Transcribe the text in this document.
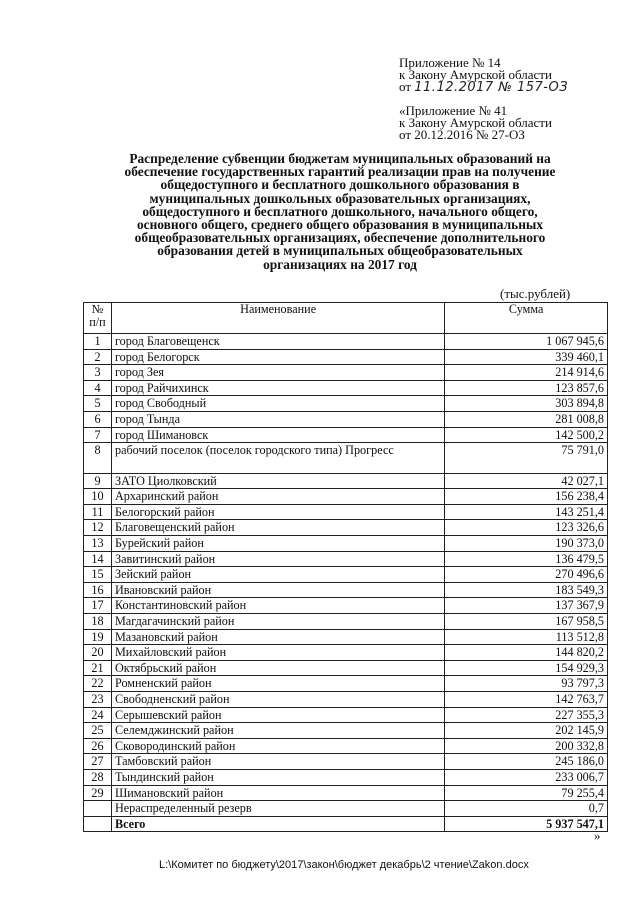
Приложение № 14
к Закону Амурской области
от 11.12.2017 № 157-ОЗ
«Приложение № 41
к Закону Амурской области
от 20.12.2016 № 27-ОЗ
Распределение субвенции бюджетам муниципальных образований на
обеспечение государственных гарантий реализации прав на получение
общедоступного и бесплатного дошкольного образования в
муниципальных дошкольных образовательных организациях,
общедоступного и бесплатного дошкольного, начального общего,
основного общего, среднего общего образования в муниципальных
общеобразовательных организациях, обеспечение дополнительного
образования детей в муниципальных общеобразовательных
организациях на 2017 год
(тыс.рублей)
№
п/п	Наименование	Сумма
1	город Благовещенск	1 067 945,6
2	город Белогорск	339 460,1
3	город Зея	214 914,6
4	город Райчихинск	123 857,6
5	город Свободный	303 894,8
6	город Тында	281 008,8
7	город Шимановск	142 500,2
8	рабочий поселок (поселок городского типа) Прогресс	75 791,0
9	ЗАТО Циолковский	42 027,1
10	Архаринский район	156 238,4
11	Белогорский район	143 251,4
12	Благовещенский район	123 326,6
13	Бурейский район	190 373,0
14	Завитинский район	136 479,5
15	Зейский район	270 496,6
16	Ивановский район	183 549,3
17	Константиновский район	137 367,9
18	Магдагачинский район	167 958,5
19	Мазановский район	113 512,8
20	Михайловский район	144 820,2
21	Октябрьский район	154 929,3
22	Ромненский район	93 797,3
23	Свободненский район	142 763,7
24	Серышевский район	227 355,3
25	Селемджинский район	202 145,9
26	Сковородинский район	200 332,8
27	Тамбовский район	245 186,0
28	Тындинский район	233 006,7
29	Шимановский район	79 255,4
	Нераспределенный резерв	0,7
	Всего	5 937 547,1
»
L:\Комитет по бюджету\2017\закон\бюджет декабрь\2 чтение\Zakon.docx
